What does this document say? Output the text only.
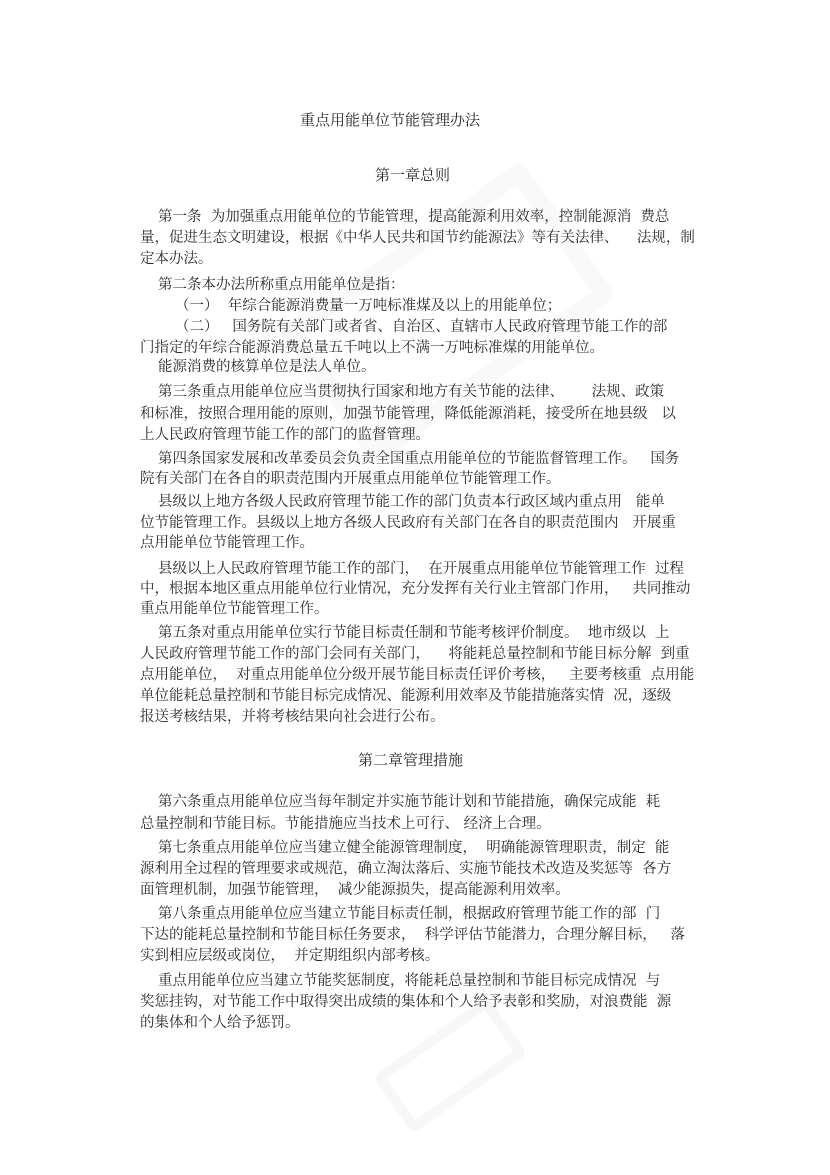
重点用能单位节能管理办法
第一章总则
第一条  为加强重点用能单位的节能管理，提高能源利用效率，控制能源消  费总
量，促进生态文明建设，根据《中华人民共和国节约能源法》等有关法律、    法规，制
定本办法。
第二条本办法所称重点用能单位是指：
（一）  年综合能源消费量一万吨标准煤及以上的用能单位；
（二）   国务院有关部门或者省、自治区、直辖市人民政府管理节能工作的部
门指定的年综合能源消费总量五千吨以上不满一万吨标准煤的用能单位。
能源消费的核算单位是法人单位。
第三条重点用能单位应当贯彻执行国家和地方有关节能的法律、      法规、政策
和标准，按照合理用能的原则，加强节能管理，降低能源消耗，接受所在地县级   以
上人民政府管理节能工作的部门的监督管理。
第四条国家发展和改革委员会负责全国重点用能单位的节能监督管理工作。   国务
院有关部门在各自的职责范围内开展重点用能单位节能管理工作。
县级以上地方各级人民政府管理节能工作的部门负责本行政区域内重点用   能单
位节能管理工作。县级以上地方各级人民政府有关部门在各自的职责范围内   开展重
点用能单位节能管理工作。
县级以上人民政府管理节能工作的部门，  在开展重点用能单位节能管理工作  过程
中，根据本地区重点用能单位行业情况，充分发挥有关行业主管部门作用，   共同推动
重点用能单位节能管理工作。
第五条对重点用能单位实行节能目标责任制和节能考核评价制度。  地市级以  上
人民政府管理节能工作的部门会同有关部门，    将能耗总量控制和节能目标分解  到重
点用能单位，  对重点用能单位分级开展节能目标责任评价考核，   主要考核重  点用能
单位能耗总量控制和节能目标完成情况、能源利用效率及节能措施落实情  况，逐级
报送考核结果，并将考核结果向社会进行公布。
第二章管理措施
第六条重点用能单位应当每年制定并实施节能计划和节能措施，确保完成能  耗
总量控制和节能目标。节能措施应当技术上可行、 经济上合理。
第七条重点用能单位应当建立健全能源管理制度，  明确能源管理职责，制定  能
源利用全过程的管理要求或规范，确立淘汰落后、实施节能技术改造及奖惩等  各方
面管理机制，加强节能管理，  减少能源损失，提高能源利用效率。
第八条重点用能单位应当建立节能目标责任制，根据政府管理节能工作的部  门
下达的能耗总量控制和节能目标任务要求，  科学评估节能潜力，合理分解目标，   落
实到相应层级或岗位，  并定期组织内部考核。
重点用能单位应当建立节能奖惩制度，将能耗总量控制和节能目标完成情况  与
奖惩挂钩，对节能工作中取得突出成绩的集体和个人给予表彰和奖励，对浪费能  源
的集体和个人给予惩罚。
